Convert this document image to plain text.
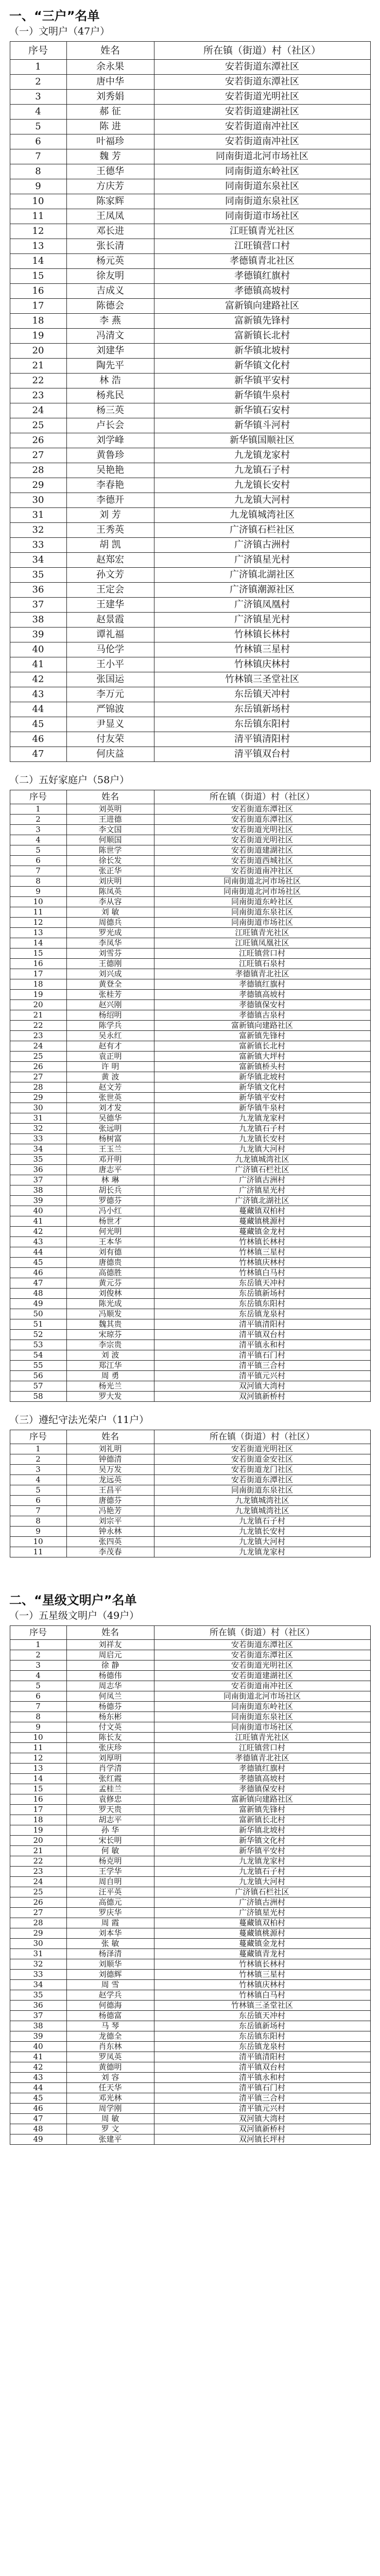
一、“三户”名单
（一）文明户（47户）
序号	姓名	所在镇（街道）村（社区）
1	余永果	安若街道东潭社区
2	唐中华	安若街道东潭社区
3	刘秀娟	安若街道光明社区
4	郝 征	安若街道建湖社区
5	陈 进	安若街道南冲社区
6	叶福珍	安若街道南冲社区
7	魏 芳	同南街道北河市场社区
8	王德华	同南街道东岭社区
9	方庆芳	同南街道东泉社区
10	陈家辉	同南街道东泉社区
11	王凤凤	同南街道市场社区
12	邓长进	江旺镇青光社区
13	张长清	江旺镇营口村
14	杨元英	孝德镇青北社区
15	徐友明	孝德镇红旗村
16	吉成义	孝德镇高坡村
17	陈德会	富新镇向建路社区
18	李 燕	富新镇先锋村
19	冯清文	富新镇长北村
20	刘建华	新华镇北坡村
21	陶先平	新华镇文化村
22	林 浩	新华镇平安村
23	杨兆民	新华镇牛泉村
24	杨三英	新华镇石安村
25	卢长会	新华镇斗河村
26	刘学峰	新华镇国顺社区
27	黄鲁珍	九龙镇龙家村
28	吴艳艳	九龙镇石子村
29	李春艳	九龙镇长安村
30	李德开	九龙镇大河村
31	刘 芳	九龙镇城湾社区
32	王秀英	广济镇石栏社区
33	胡 凯	广济镇古洲村
34	赵郑宏	广济镇星光村
35	孙文芳	广济镇北湖社区
36	王定会	广济镇潮源社区
37	王建华	广济镇凤凰村
38	赵景霞	广济镇星光村
39	谭礼福	竹林镇长林村
40	马伦学	竹林镇三星村
41	王小平	竹林镇庆林村
42	张国运	竹林镇三圣堂社区
43	李万元	东岳镇天冲村
44	严锦波	东岳镇新场村
45	尹显义	东岳镇东阳村
46	付友荣	清平镇清阳村
47	何庆益	清平镇双台村
（二）五好家庭户（58户）
序号	姓名	所在镇（街道）村（社区）
1	刘英明	安若街道东潭社区
2	王进德	安若街道东潭社区
3	李文国	安若街道光明社区
4	何顺国	安若街道光明社区
5	陈世学	安若街道建湖社区
6	徐长发	安若街道西城社区
7	张正华	安若街道南冲社区
8	刘庆明	同南街道北河市场社区
9	陈凤英	同南街道北河市场社区
10	李从容	同南街道东岭社区
11	刘 敏	同南街道东泉社区
12	周德兵	同南街道市场社区
13	罗光成	江旺镇青光社区
14	李凤华	江旺镇凤凰社区
15	刘雪芬	江旺镇营口村
16	王德刚	江旺镇石泉村
17	刘兴成	孝德镇青北社区
18	黄登全	孝德镇红旗村
19	张桂芳	孝德镇高坡村
20	赵兴刚	孝德镇保安村
21	杨绍明	孝德镇古泉村
22	陈学兵	富新镇向建路社区
23	吴永红	富新镇先锋村
24	赵有才	富新镇长北村
25	袁正明	富新镇大坪村
26	许 明	富新镇桥头村
27	黄 波	新华镇北坡村
28	赵文芳	新华镇文化村
29	张世英	新华镇平安村
30	刘才发	新华镇牛泉村
31	吴德华	九龙镇龙家村
32	张远明	九龙镇石子村
33	杨树富	九龙镇长安村
34	王玉兰	九龙镇大河村
35	邓开明	九龙镇城湾社区
36	唐志平	广济镇石栏社区
37	林 琳	广济镇古洲村
38	胡长兵	广济镇星光村
39	罗德芬	广济镇北湖社区
40	冯小红	蔓藏镇双柏村
41	杨世才	蔓藏镇桃源村
42	何光明	蔓藏镇金龙村
43	王本华	竹林镇长林村
44	刘有德	竹林镇三星村
45	唐德贵	竹林镇庆林村
46	高德胜	竹林镇白马村
47	黄元芬	东岳镇天冲村
48	刘俊林	东岳镇新场村
49	陈光成	东岳镇东阳村
50	冯顺发	东岳镇龙泉村
51	魏其贵	清平镇清阳村
52	宋琼芬	清平镇双台村
53	李宗贵	清平镇永和村
54	刘 波	清平镇石门村
55	郑江华	清平镇三合村
56	周 勇	清平镇元兴村
57	杨光兰	双河镇大湾村
58	罗大发	双河镇新桥村
（三）遵纪守法光荣户（11户）
序号	姓名	所在镇（街道）村（社区）
1	刘礼明	安若街道光明社区
2	钟德清	安若街道金安社区
3	吴万发	安若街道龙门社区
4	龙远英	安若街道东潭社区
5	王昌平	同南街道东泉社区
6	唐德芬	九龙镇城湾社区
7	冯艳芳	九龙镇城湾社区
8	刘宗平	九龙镇石子村
9	钟永林	九龙镇长安村
10	张四英	九龙镇大河村
11	李茂春	九龙镇龙家村
二、“星级文明户”名单
（一）五星级文明户（49户）
序号	姓名	所在镇（街道）村（社区）
1	刘祥友	安若街道东潭社区
2	周启元	安若街道东潭社区
3	徐 静	安若街道光明社区
4	杨德伟	安若街道建湖社区
5	周志华	安若街道南冲社区
6	何凤兰	同南街道北河市场社区
7	杨德芬	同南街道东岭社区
8	杨东彬	同南街道东泉社区
9	付文英	同南街道市场社区
10	陈长友	江旺镇青光社区
11	张庆珍	江旺镇营口村
12	刘厚明	孝德镇青北社区
13	肖学清	孝德镇红旗村
14	张红霞	孝德镇高坡村
15	孟桂兰	孝德镇保安村
16	袁修忠	富新镇向建路社区
17	罗天贵	富新镇先锋村
18	胡志平	富新镇长北村
19	孙 华	新华镇北坡村
20	宋长明	新华镇文化村
21	何 敏	新华镇平安村
22	杨克明	九龙镇龙家村
23	王学华	九龙镇石子村
24	周自明	九龙镇大河村
25	汪平英	广济镇石栏社区
26	高德元	广济镇古洲村
27	罗庆华	广济镇星光村
28	周 霞	蔓藏镇双柏村
29	刘本华	蔓藏镇桃源村
30	张 敏	蔓藏镇金龙村
31	杨泽清	蔓藏镇青龙村
32	刘顺华	竹林镇长林村
33	刘德辉	竹林镇三星村
34	周 雪	竹林镇庆林村
35	赵学兵	竹林镇白马村
36	何德海	竹林镇三圣堂社区
37	杨德富	东岳镇天冲村
38	马 琴	东岳镇新场村
39	龙德全	东岳镇东阳村
40	肖东林	东岳镇龙泉村
41	罗凤英	清平镇清阳村
42	黄德明	清平镇双台村
43	刘 容	清平镇永和村
44	任天华	清平镇石门村
45	邓光林	清平镇三合村
46	周学刚	清平镇元兴村
47	周 敏	双河镇大湾村
48	罗 文	双河镇新桥村
49	张建平	双河镇长坪村
